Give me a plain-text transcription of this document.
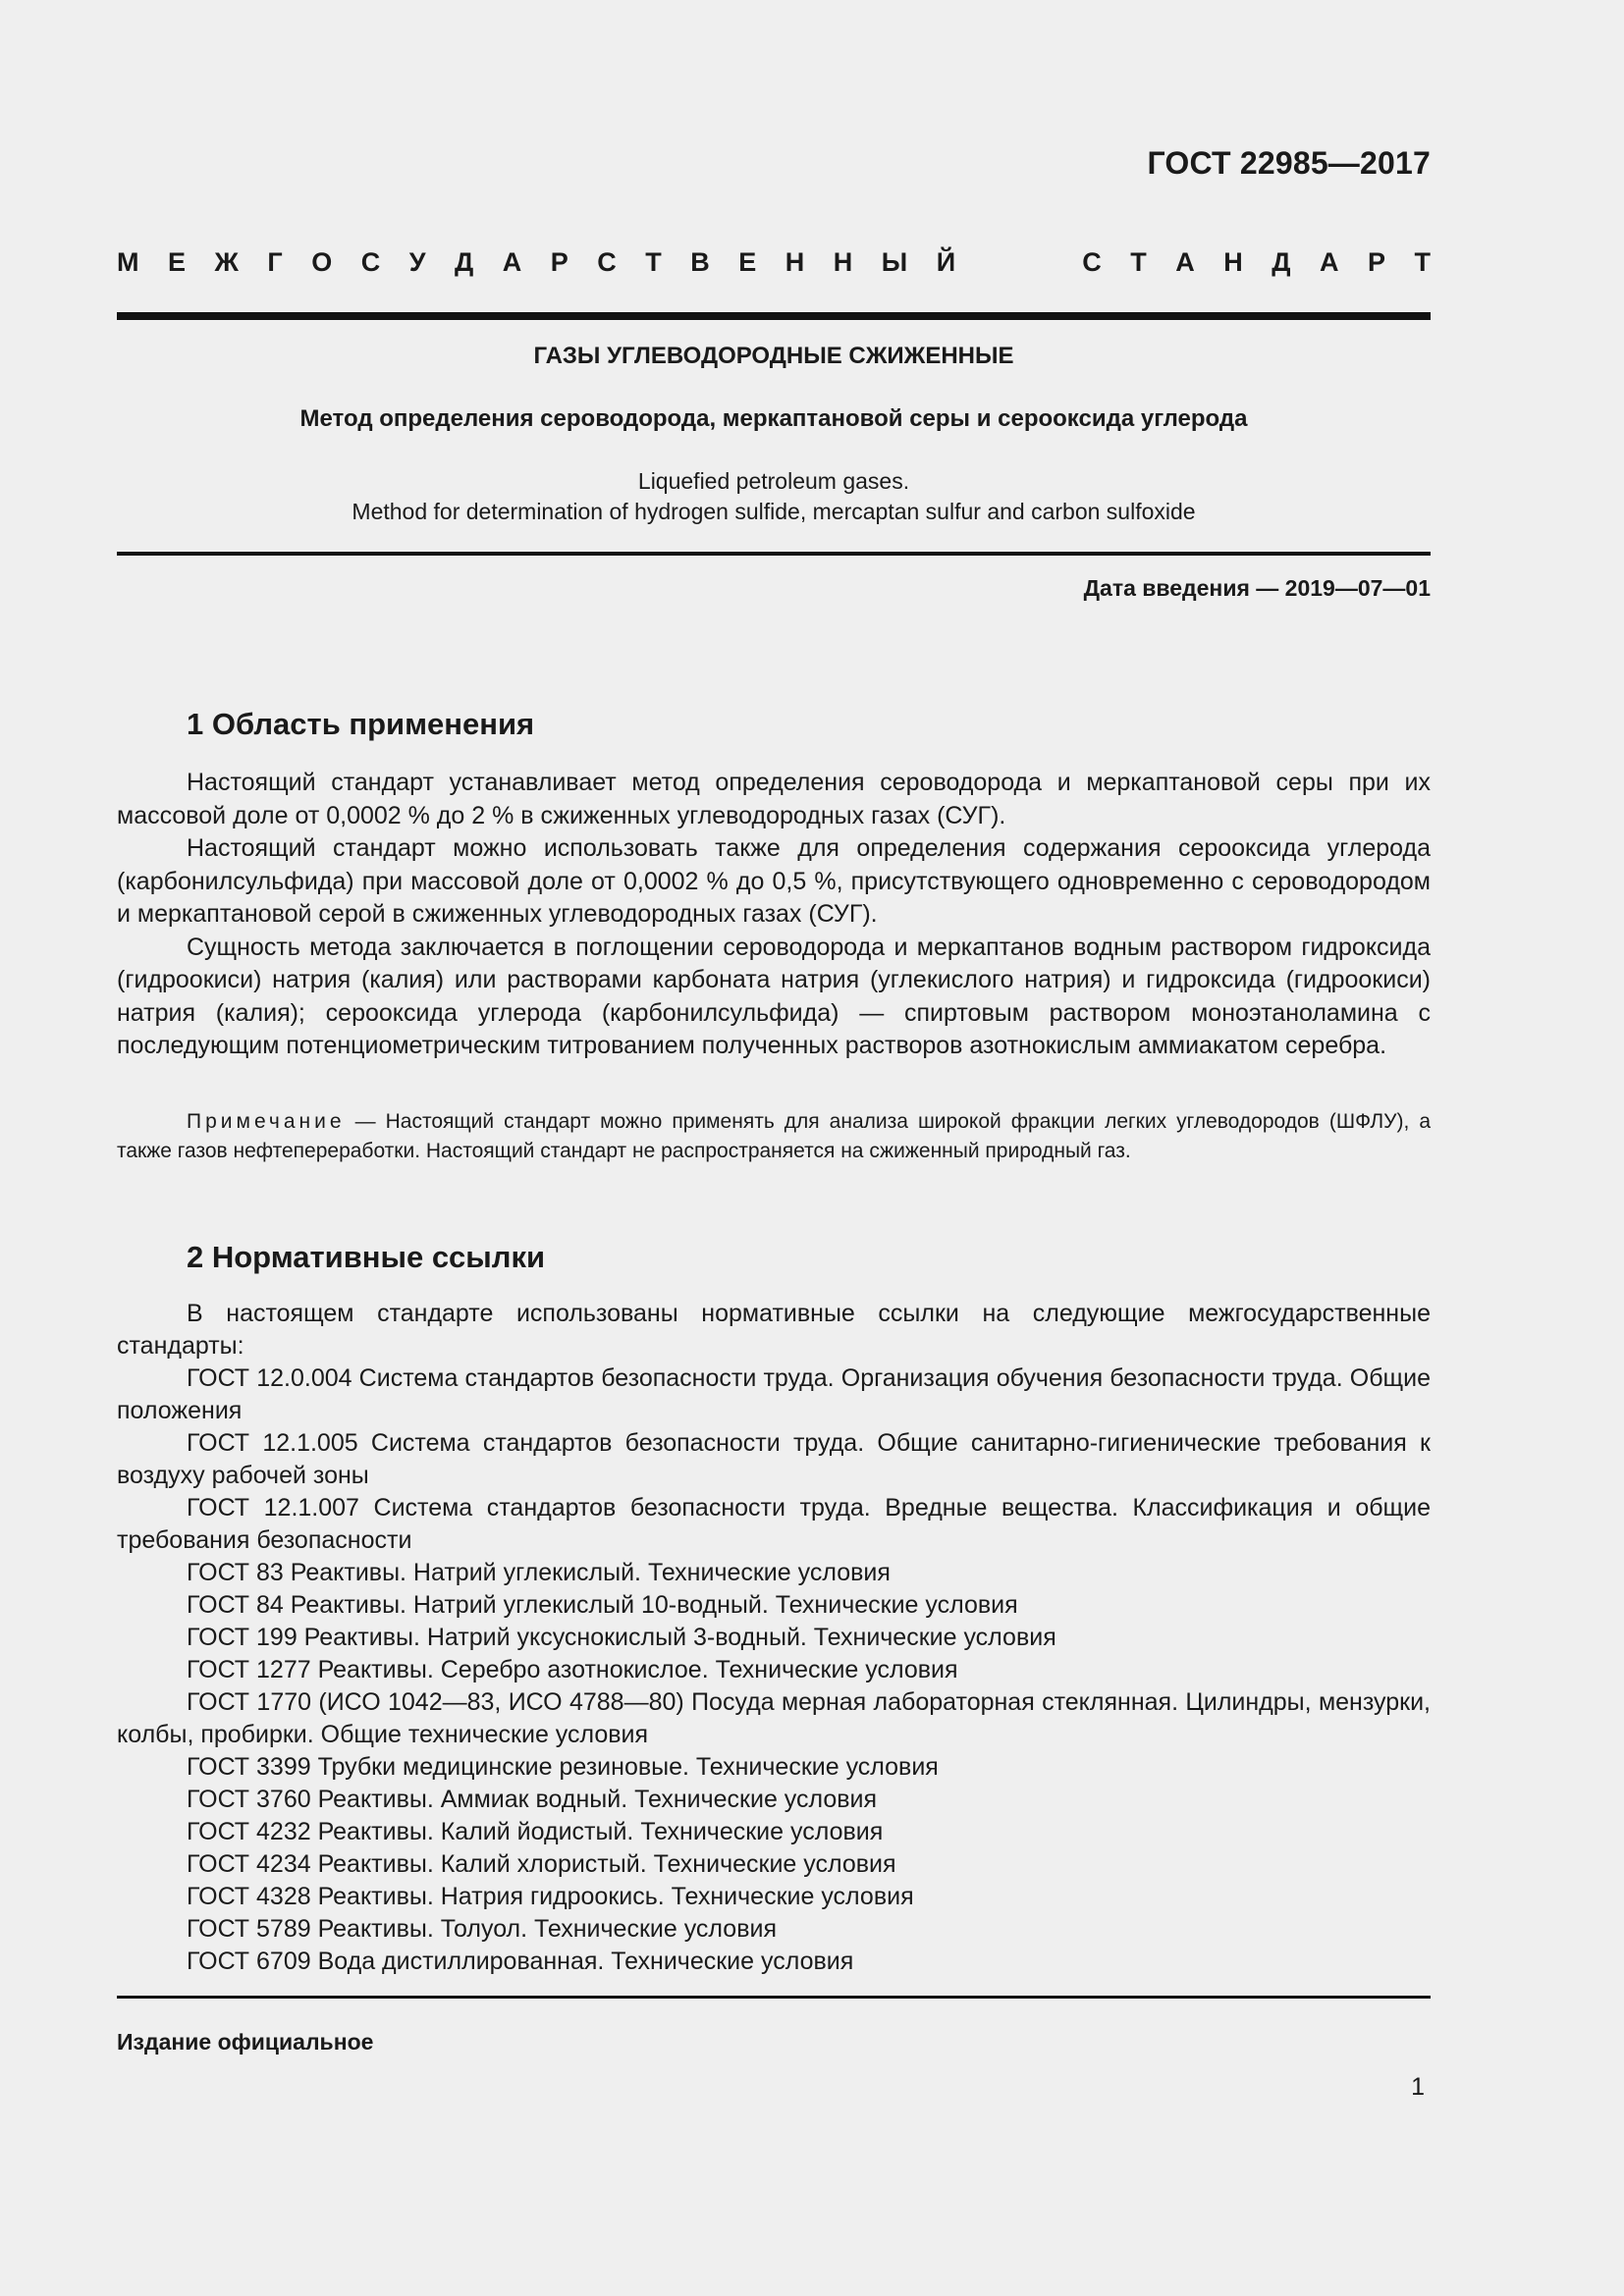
ГОСТ 22985—2017
М Е Ж Г О С У Д А Р С Т В Е Н Н Ы Й	С Т А Н Д А Р Т
ГАЗЫ УГЛЕВОДОРОДНЫЕ СЖИЖЕННЫЕ
Метод определения сероводорода, меркаптановой серы и серооксида углерода
Liquefied petroleum gases.
Method for determination of hydrogen sulfide, mercaptan sulfur and carbon sulfoxide
Дата введения — 2019—07—01
1 Область применения

Настоящий стандарт устанавливает метод определения сероводорода и меркаптановой серы при их массовой доле от 0,0002 % до 2 % в сжиженных углеводородных газах (СУГ).

Настоящий стандарт можно использовать также для определения содержания серооксида углерода (карбонилсульфида) при массовой доле от 0,0002 % до 0,5 %, присутствующего одновременно с сероводородом и меркаптановой серой в сжиженных углеводородных газах (СУГ).

Сущность метода заключается в поглощении сероводорода и меркаптанов водным раствором гидроксида (гидроокиси) натрия (калия) или растворами карбоната натрия (углекислого натрия) и гидроксида (гидроокиси) натрия (калия); серооксида углерода (карбонилсульфида) — спиртовым раствором моноэтаноламина с последующим потенциометрическим титрованием полученных растворов азотнокислым аммиакатом серебра.

Примечание — Настоящий стандарт можно применять для анализа широкой фракции легких углеводородов (ШФЛУ), а также газов нефтепереработки. Настоящий стандарт не распространяется на сжиженный природный газ.

2 Нормативные ссылки

В настоящем стандарте использованы нормативные ссылки на следующие межгосударственные стандарты:

ГОСТ 12.0.004 Система стандартов безопасности труда. Организация обучения безопасности труда. Общие положения

ГОСТ 12.1.005 Система стандартов безопасности труда. Общие санитарно-гигиенические требования к воздуху рабочей зоны

ГОСТ 12.1.007 Система стандартов безопасности труда. Вредные вещества. Классификация и общие требования безопасности

ГОСТ 83 Реактивы. Натрий углекислый. Технические условия

ГОСТ 84 Реактивы. Натрий углекислый 10-водный. Технические условия

ГОСТ 199 Реактивы. Натрий уксуснокислый 3-водный. Технические условия

ГОСТ 1277 Реактивы. Серебро азотнокислое. Технические условия

ГОСТ 1770 (ИСО 1042—83, ИСО 4788—80) Посуда мерная лабораторная стеклянная. Цилиндры, мензурки, колбы, пробирки. Общие технические условия

ГОСТ 3399 Трубки медицинские резиновые. Технические условия

ГОСТ 3760 Реактивы. Аммиак водный. Технические условия

ГОСТ 4232 Реактивы. Калий йодистый. Технические условия

ГОСТ 4234 Реактивы. Калий хлористый. Технические условия

ГОСТ 4328 Реактивы. Натрия гидроокись. Технические условия

ГОСТ 5789 Реактивы. Толуол. Технические условия

ГОСТ 6709 Вода дистиллированная. Технические условия

Издание официальное
1
